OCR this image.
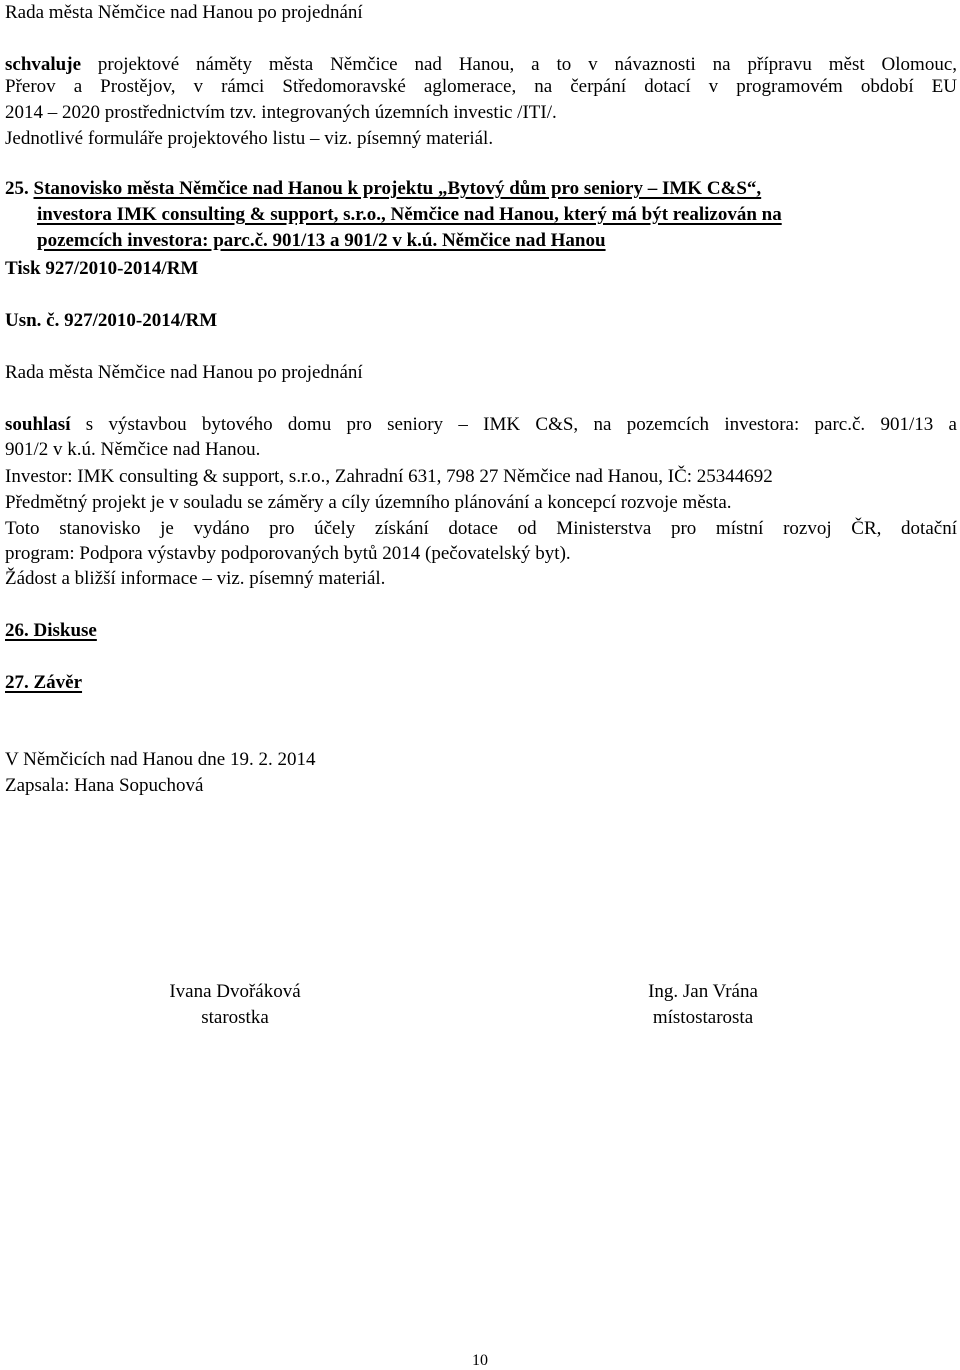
Rada města Němčice nad Hanou po projednání
schvaluje projektové náměty města Němčice nad Hanou, a to v návaznosti na přípravu měst Olomouc,
Přerov a Prostějov, v rámci Středomoravské aglomerace, na čerpání dotací v programovém období EU
2014 – 2020 prostřednictvím tzv. integrovaných územních investic /ITI/.
Jednotlivé formuláře projektového listu – viz. písemný materiál.
25. Stanovisko města Němčice nad Hanou k projektu „Bytový dům pro seniory – IMK C&S“,
investora IMK consulting & support, s.r.o., Němčice nad Hanou, který má být realizován na
pozemcích investora: parc.č. 901/13 a 901/2 v k.ú. Němčice nad Hanou
Tisk 927/2010-2014/RM
Usn. č. 927/2010-2014/RM
Rada města Němčice nad Hanou po projednání
souhlasí s výstavbou bytového domu pro seniory – IMK C&S, na pozemcích investora: parc.č. 901/13 a
901/2 v k.ú. Němčice nad Hanou.
Investor: IMK consulting & support, s.r.o., Zahradní 631, 798 27 Němčice nad Hanou, IČ: 25344692
Předmětný projekt je v souladu se záměry a cíly územního plánování a koncepcí rozvoje města.
Toto stanovisko je vydáno pro účely získání dotace od Ministerstva pro místní rozvoj ČR, dotační
program: Podpora výstavby podporovaných bytů 2014 (pečovatelský byt).
Žádost a bližší informace – viz. písemný materiál.
26. Diskuse
27. Závěr
V Němčicích nad Hanou dne 19. 2. 2014
Zapsala: Hana Sopuchová
Ivana Dvořáková
starostka
Ing. Jan Vrána
místostarosta
10
